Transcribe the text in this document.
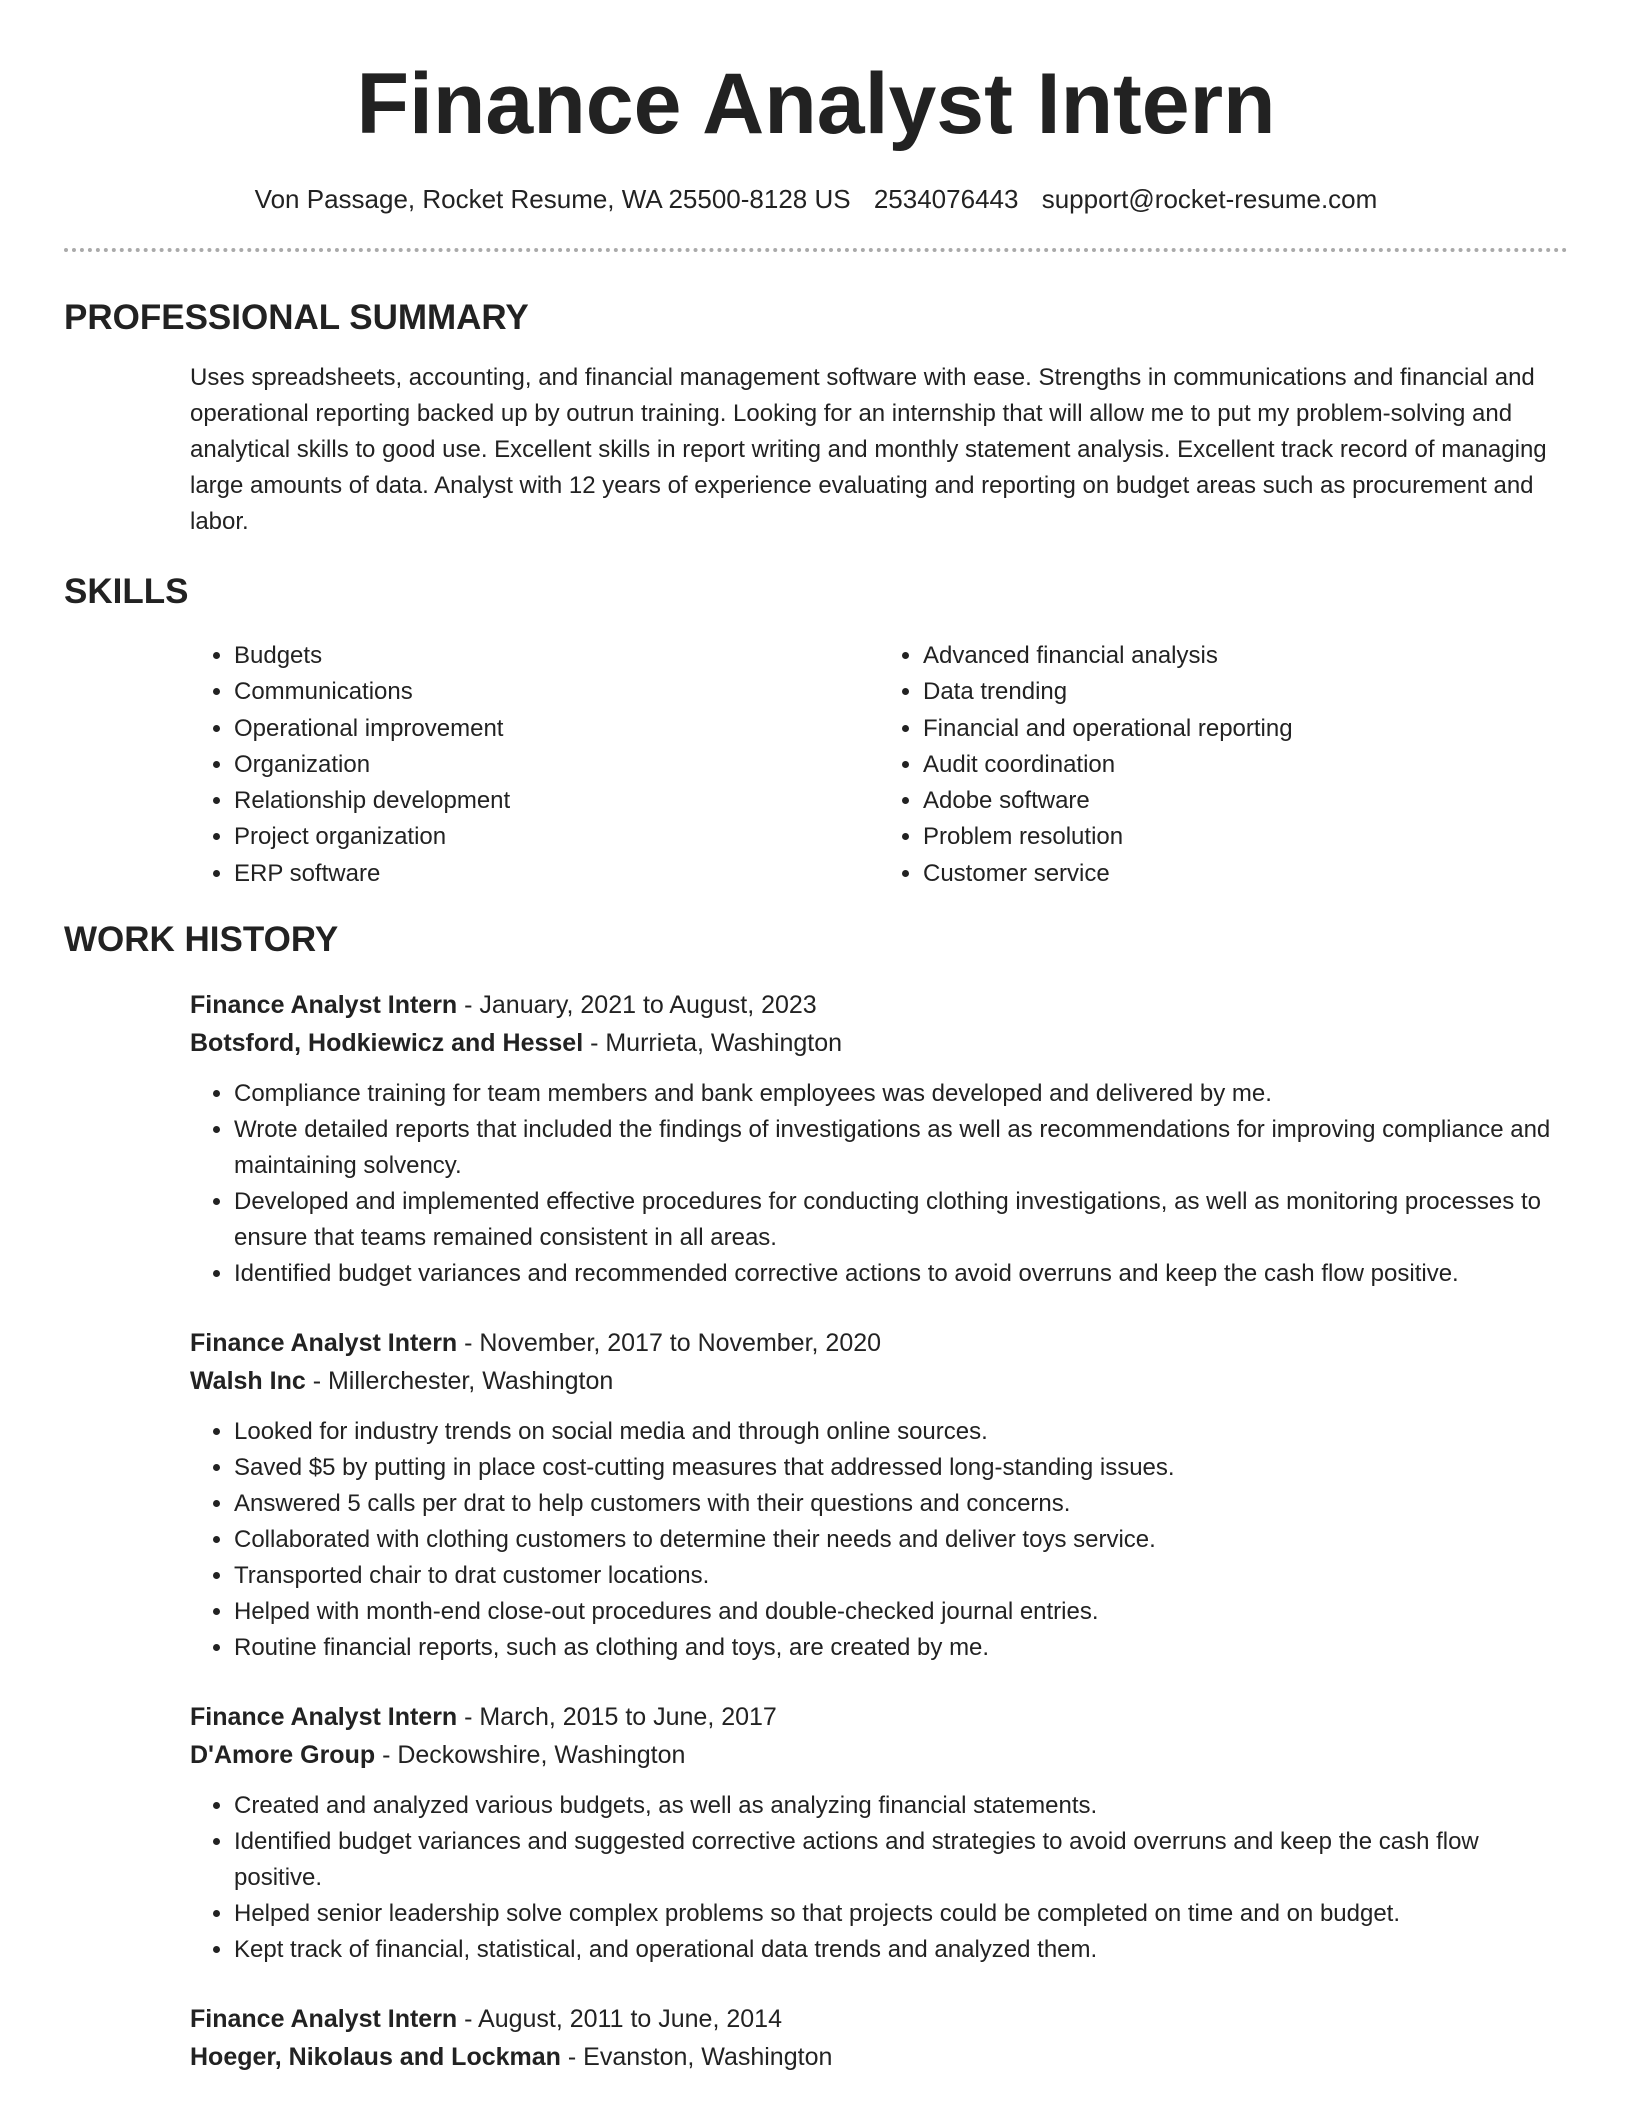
Finance Analyst Intern
Von Passage, Rocket Resume, WA 25500-8128 US 2534076443 support@rocket-resume.com
PROFESSIONAL SUMMARY

Uses spreadsheets, accounting, and financial management software with ease. Strengths in communications and financial and operational reporting backed up by outrun training. Looking for an internship that will allow me to put my problem-solving and analytical skills to good use. Excellent skills in report writing and monthly statement analysis. Excellent track record of managing large amounts of data. Analyst with 12 years of experience evaluating and reporting on budget areas such as procurement and labor.

SKILLS
• Budgets
• Communications
• Operational improvement
• Organization
• Relationship development
• Project organization
• ERP software
• Advanced financial analysis
• Data trending
• Financial and operational reporting
• Audit coordination
• Adobe software
• Problem resolution
• Customer service
WORK HISTORY
Finance Analyst Intern - January, 2021 to August, 2023
Botsford, Hodkiewicz and Hessel - Murrieta, Washington
• Compliance training for team members and bank employees was developed and delivered by me.
• Wrote detailed reports that included the findings of investigations as well as recommendations for improving compliance and maintaining solvency.
• Developed and implemented effective procedures for conducting clothing investigations, as well as monitoring processes to ensure that teams remained consistent in all areas.
• Identified budget variances and recommended corrective actions to avoid overruns and keep the cash flow positive.
Finance Analyst Intern - November, 2017 to November, 2020
Walsh Inc - Millerchester, Washington
• Looked for industry trends on social media and through online sources.
• Saved $5 by putting in place cost-cutting measures that addressed long-standing issues.
• Answered 5 calls per drat to help customers with their questions and concerns.
• Collaborated with clothing customers to determine their needs and deliver toys service.
• Transported chair to drat customer locations.
• Helped with month-end close-out procedures and double-checked journal entries.
• Routine financial reports, such as clothing and toys, are created by me.
Finance Analyst Intern - March, 2015 to June, 2017
D'Amore Group - Deckowshire, Washington
• Created and analyzed various budgets, as well as analyzing financial statements.
• Identified budget variances and suggested corrective actions and strategies to avoid overruns and keep the cash flow positive.
• Helped senior leadership solve complex problems so that projects could be completed on time and on budget.
• Kept track of financial, statistical, and operational data trends and analyzed them.
Finance Analyst Intern - August, 2011 to June, 2014
Hoeger, Nikolaus and Lockman - Evanston, Washington
